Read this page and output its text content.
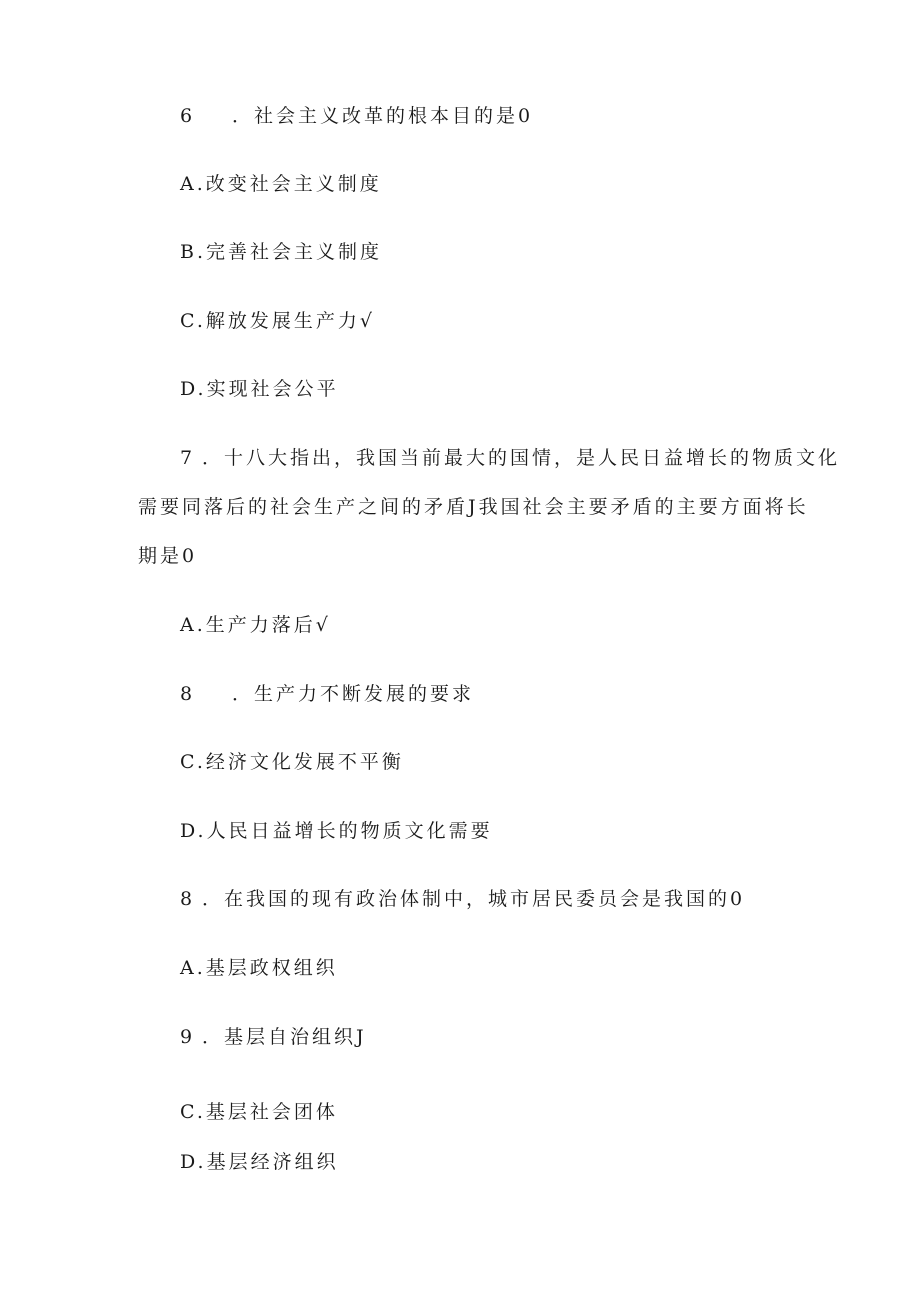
6 ．社会主义改革的根本目的是0
A.改变社会主义制度
B.完善社会主义制度
C.解放发展生产力√
D.实现社会公平
7 ．十八大指出，我国当前最大的国情，是人民日益增长的物质文化
需要同落后的社会生产之间的矛盾J我国社会主要矛盾的主要方面将长
期是0
A.生产力落后√
8 ．生产力不断发展的要求
C.经济文化发展不平衡
D.人民日益增长的物质文化需要
8 ．在我国的现有政治体制中，城市居民委员会是我国的0
A.基层政权组织
9 ．基层自治组织J
C.基层社会团体
D.基层经济组织
